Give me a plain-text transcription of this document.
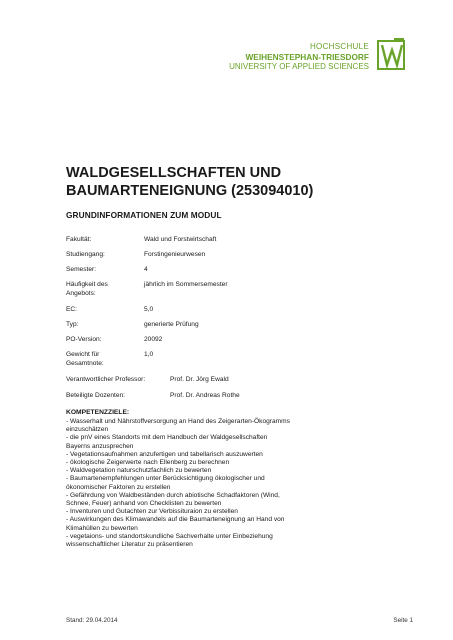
HOCHSCHULE
WEIHENSTEPHAN-TRIESDORF
UNIVERSITY OF APPLIED SCIENCES
WALDGESELLSCHAFTEN UND BAUMARTENEIGNUNG (253094010)
GRUNDINFORMATIONEN ZUM MODUL
Fakultät:	Wald und Forstwirtschaft
Studiengang:	Forstingenieurwesen
Semester:	4
Häufigkeit des Angebots:
jährlich im Sommersemester
EC:	5,0
Typ:	generierte Prüfung
PO-Version:	20092
Gewicht für Gesamtnote:
1,0
Verantwortlicher Professor:	Prof. Dr. Jörg Ewald
Beteiligte Dozenten:	Prof. Dr. Andreas Rothe
KOMPETENZZIELE:
- Wasserhalt und Nährstoffversorgung an Hand des Zeigerarten-Ökogramms
einzuschätzen
- die pnV eines Standorts mit dem Handbuch der Waldgesellschaften
Bayerns anzusprechen
- Vegetationsaufnahmen anzufertigen und tabellarisch auszuwerten
- ökologische Zeigerwerte nach Ellenberg zu berechnen
- Waldvegetation naturschutzfachlich zu bewerten
- Baumartenempfehlungen unter Berücksichtigung ökologischer und
ökonomischer Faktoren zu erstellen
- Gefährdung von Waldbeständen durch abiotische Schadfaktoren (Wind,
Schnee, Feuer) anhand von Checklisten zu bewerten
- Inventuren und Gutachten zur Verbissituraion zu erstellen
- Auswirkungen des Klimawandels auf die Baumarteneignung an Hand von
Klimahüllen zu bewerten
- vegetaions- und standortskundliche Sachverhalte unter Einbeziehung
wissenschaftlicher Literatur zu präsentieren
Stand: 29.04.2014	Seite 1
